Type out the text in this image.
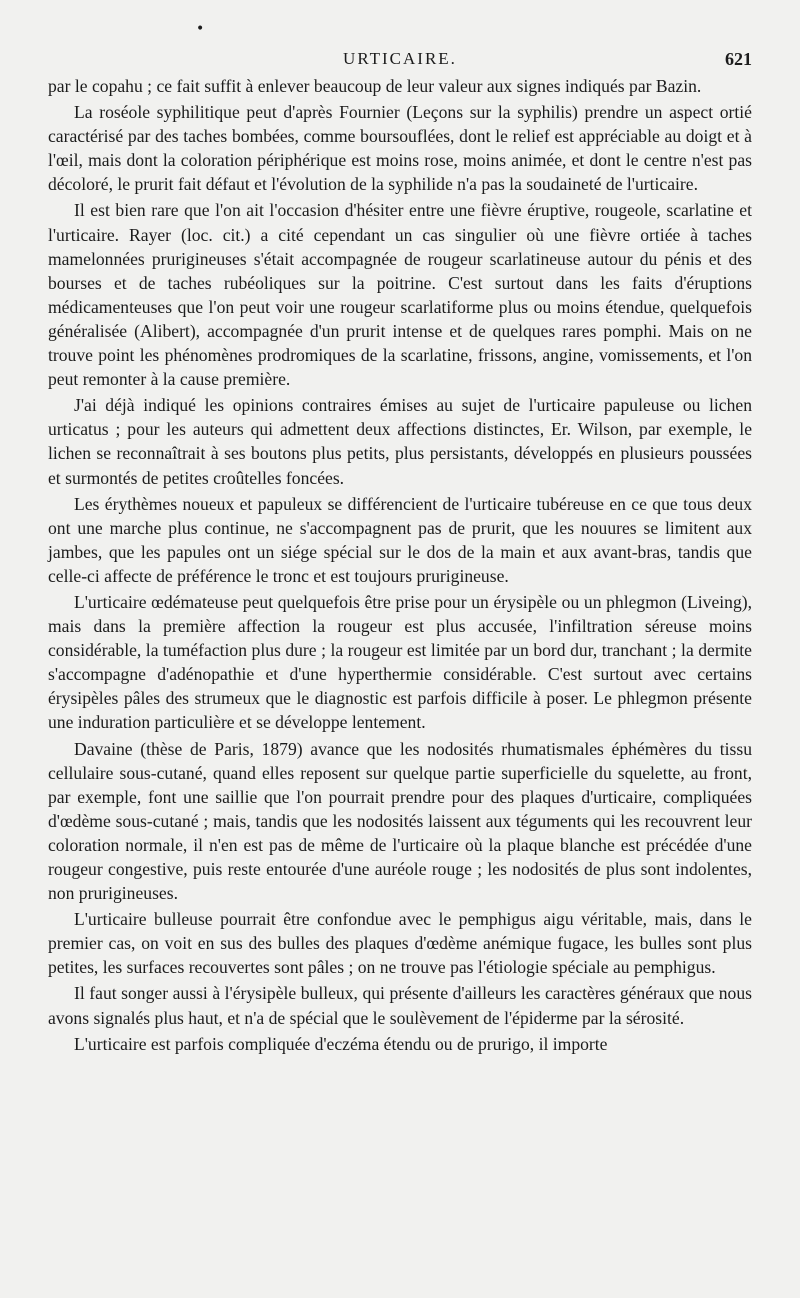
•
URTICAIRE.	621

par le copahu ; ce fait suffit à enlever beaucoup de leur valeur aux signes indiqués par Bazin.

La roséole syphilitique peut d'après Fournier (Leçons sur la syphilis) prendre un aspect ortié caractérisé par des taches bombées, comme boursouflées, dont le relief est appréciable au doigt et à l'œil, mais dont la coloration périphérique est moins rose, moins animée, et dont le centre n'est pas décoloré, le prurit fait défaut et l'évolution de la syphilide n'a pas la soudaineté de l'urticaire.

Il est bien rare que l'on ait l'occasion d'hésiter entre une fièvre éruptive, rougeole, scarlatine et l'urticaire. Rayer (loc. cit.) a cité cependant un cas singulier où une fièvre ortiée à taches mamelonnées prurigineuses s'était accompagnée de rougeur scarlatineuse autour du pénis et des bourses et de taches rubéoliques sur la poitrine. C'est surtout dans les faits d'éruptions médicamenteuses que l'on peut voir une rougeur scarlatiforme plus ou moins étendue, quelquefois généralisée (Alibert), accompagnée d'un prurit intense et de quelques rares pomphi. Mais on ne trouve point les phénomènes prodromiques de la scarlatine, frissons, angine, vomissements, et l'on peut remonter à la cause première.

J'ai déjà indiqué les opinions contraires émises au sujet de l'urticaire papuleuse ou lichen urticatus ; pour les auteurs qui admettent deux affections distinctes, Er. Wilson, par exemple, le lichen se reconnaîtrait à ses boutons plus petits, plus persistants, développés en plusieurs poussées et surmontés de petites croûtelles foncées.

Les érythèmes noueux et papuleux se différencient de l'urticaire tubéreuse en ce que tous deux ont une marche plus continue, ne s'accompagnent pas de prurit, que les nouures se limitent aux jambes, que les papules ont un siége spécial sur le dos de la main et aux avant-bras, tandis que celle-ci affecte de préférence le tronc et est toujours prurigineuse.

L'urticaire œdémateuse peut quelquefois être prise pour un érysipèle ou un phlegmon (Liveing), mais dans la première affection la rougeur est plus accusée, l'infiltration séreuse moins considérable, la tuméfaction plus dure ; la rougeur est limitée par un bord dur, tranchant ; la dermite s'accompagne d'adénopathie et d'une hyperthermie considérable. C'est surtout avec certains érysipèles pâles des strumeux que le diagnostic est parfois difficile à poser. Le phlegmon présente une induration particulière et se développe lentement.

Davaine (thèse de Paris, 1879) avance que les nodosités rhumatismales éphémères du tissu cellulaire sous-cutané, quand elles reposent sur quelque partie superficielle du squelette, au front, par exemple, font une saillie que l'on pourrait prendre pour des plaques d'urticaire, compliquées d'œdème sous-cutané ; mais, tandis que les nodosités laissent aux téguments qui les recouvrent leur coloration normale, il n'en est pas de même de l'urticaire où la plaque blanche est précédée d'une rougeur congestive, puis reste entourée d'une auréole rouge ; les nodosités de plus sont indolentes, non prurigineuses.

L'urticaire bulleuse pourrait être confondue avec le pemphigus aigu véritable, mais, dans le premier cas, on voit en sus des bulles des plaques d'œdème anémique fugace, les bulles sont plus petites, les surfaces recouvertes sont pâles ; on ne trouve pas l'étiologie spéciale au pemphigus.

Il faut songer aussi à l'érysipèle bulleux, qui présente d'ailleurs les caractères généraux que nous avons signalés plus haut, et n'a de spécial que le soulèvement de l'épiderme par la sérosité.

L'urticaire est parfois compliquée d'eczéma étendu ou de prurigo, il importe
